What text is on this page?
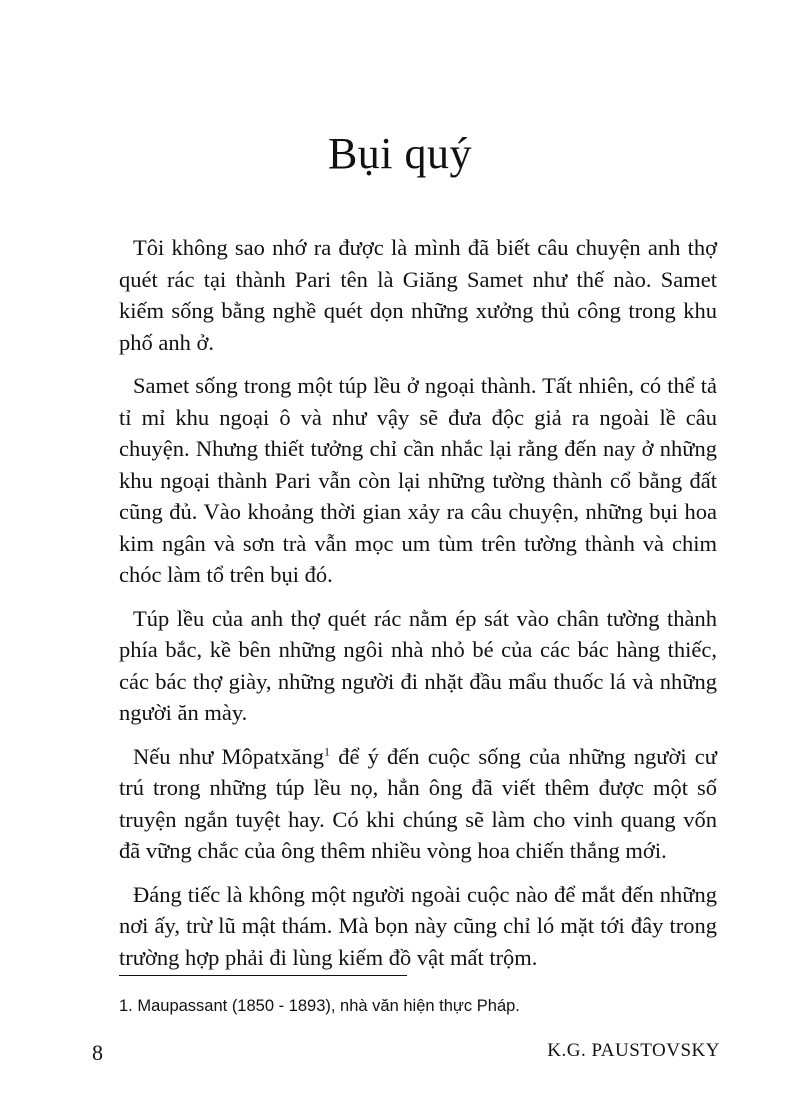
Bụi quý

Tôi không sao nhớ ra được là mình đã biết câu chuyện anh thợ quét rác tại thành Pari tên là Giăng Samet như thế nào. Samet kiếm sống bằng nghề quét dọn những xưởng thủ công trong khu phố anh ở.

Samet sống trong một túp lều ở ngoại thành. Tất nhiên, có thể tả tỉ mỉ khu ngoại ô và như vậy sẽ đưa độc giả ra ngoài lề câu chuyện. Nhưng thiết tưởng chỉ cần nhắc lại rằng đến nay ở những khu ngoại thành Pari vẫn còn lại những tường thành cổ bằng đất cũng đủ. Vào khoảng thời gian xảy ra câu chuyện, những bụi hoa kim ngân và sơn trà vẫn mọc um tùm trên tường thành và chim chóc làm tổ trên bụi đó.

Túp lều của anh thợ quét rác nằm ép sát vào chân tường thành phía bắc, kề bên những ngôi nhà nhỏ bé của các bác hàng thiếc, các bác thợ giày, những người đi nhặt đầu mẩu thuốc lá và những người ăn mày.

Nếu như Môpatxăng$^1$ để ý đến cuộc sống của những người cư trú trong những túp lều nọ, hẳn ông đã viết thêm được một số truyện ngắn tuyệt hay. Có khi chúng sẽ làm cho vinh quang vốn đã vững chắc của ông thêm nhiều vòng hoa chiến thắng mới.

Đáng tiếc là không một người ngoài cuộc nào để mắt đến những nơi ấy, trừ lũ mật thám. Mà bọn này cũng chỉ ló mặt tới đây trong trường hợp phải đi lùng kiếm đồ vật mất trộm.

1. Maupassant (1850 - 1893), nhà văn hiện thực Pháp.
8	K.G. PAUSTOVSKY
